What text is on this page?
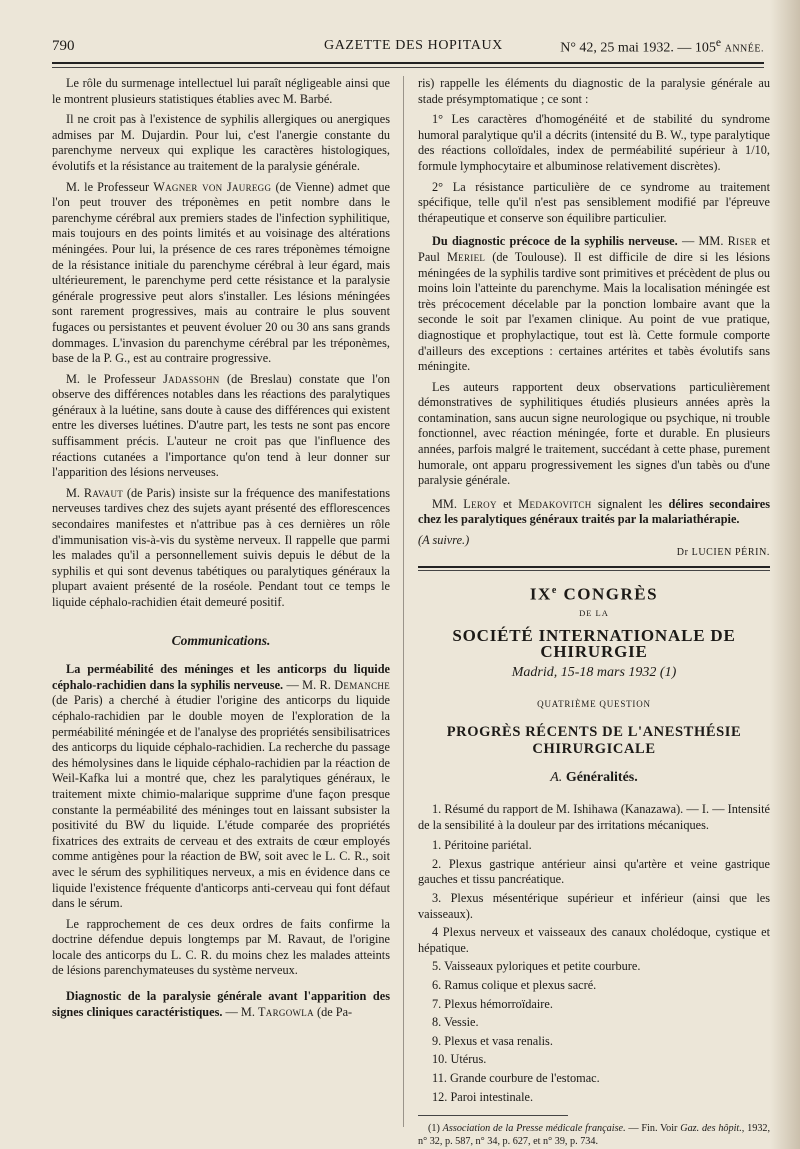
790	GAZETTE DES HOPITAUX	N° 42, 25 mai 1932. — 105e ANNÉE.

Le rôle du surmenage intellectuel lui paraît négligeable ainsi que le montrent plusieurs statistiques établies avec M. Barbé.

Il ne croit pas à l'existence de syphilis allergiques ou anergiques admises par M. Dujardin. Pour lui, c'est l'anergie constante du parenchyme nerveux qui explique les caractères histologiques, évolutifs et la résistance au traitement de la paralysie générale.

M. le Professeur Wagner von Jauregg (de Vienne) admet que l'on peut trouver des tréponèmes en petit nombre dans le parenchyme cérébral aux premiers stades de l'infection syphilitique, mais toujours en des points limités et au voisinage des altérations méningées. Pour lui, la présence de ces rares tréponèmes témoigne de la résistance initiale du parenchyme cérébral à leur égard, mais ultérieurement, le parenchyme perd cette résistance et la paralysie générale progressive peut alors s'installer. Les lésions méningées sont rarement progressives, mais au contraire le plus souvent fugaces ou persistantes et peuvent évoluer 20 ou 30 ans sans grands dommages. L'invasion du parenchyme cérébral par les tréponèmes, base de la P. G., est au contraire progressive.

M. le Professeur Jadassohn (de Breslau) constate que l'on observe des différences notables dans les réactions des paralytiques généraux à la luétine, sans doute à cause des différences qui existent entre les diverses luétines. D'autre part, les tests ne sont pas encore suffisamment précis. L'auteur ne croit pas que l'influence des réactions cutanées a l'importance qu'on tend à leur donner sur l'apparition des lésions nerveuses.

M. Ravaut (de Paris) insiste sur la fréquence des manifestations nerveuses tardives chez des sujets ayant présenté des efflorescences secondaires manifestes et n'attribue pas à ces dernières un rôle d'immunisation vis-à-vis du système nerveux. Il rappelle que parmi les malades qu'il a personnellement suivis depuis le début de la syphilis et qui sont devenus tabétiques ou paralytiques généraux la plupart avaient présenté de la roséole. Pendant tout ce temps le liquide céphalo-rachidien était demeuré positif.

Communications.

La perméabilité des méninges et les anticorps du liquide céphalo-rachidien dans la syphilis nerveuse. — M. R. Demanche (de Paris) a cherché à étudier l'origine des anticorps du liquide céphalo-rachidien par le double moyen de l'exploration de la perméabilité méningée et de l'analyse des propriétés sensibilisatrices des anticorps du liquide céphalo-rachidien. La recherche du passage des hémolysines dans le liquide céphalo-rachidien par la réaction de Weil-Kafka lui a montré que, chez les paralytiques généraux, le traitement mixte chimio-malarique supprime d'une façon presque constante la perméabilité des méninges tout en laissant subsister la positivité du BW du liquide. L'étude comparée des propriétés fixatrices des extraits de cerveau et des extraits de cœur employés comme antigènes pour la réaction de BW, soit avec le L. C. R., soit avec le sérum des syphilitiques nerveux, a mis en évidence dans ce liquide l'existence fréquente d'anticorps anti-cerveau qui font défaut dans le sérum.

Le rapprochement de ces deux ordres de faits confirme la doctrine défendue depuis longtemps par M. Ravaut, de l'origine locale des anticorps du L. C. R. du moins chez les malades atteints de lésions parenchymateuses du système nerveux.

Diagnostic de la paralysie générale avant l'apparition des signes cliniques caractéristiques. — M. Targowla (de Pa-

ris) rappelle les éléments du diagnostic de la paralysie générale au stade présymptomatique ; ce sont :

1° Les caractères d'homogénéité et de stabilité du syndrome humoral paralytique qu'il a décrits (intensité du B. W., type paralytique des réactions colloïdales, index de perméabilité supérieur à 1/10, formule lymphocytaire et albuminose relativement discrètes).

2° La résistance particulière de ce syndrome au traitement spécifique, telle qu'il n'est pas sensiblement modifié par l'épreuve thérapeutique et conserve son équilibre particulier.

Du diagnostic précoce de la syphilis nerveuse. — MM. Riser et Paul Meriel (de Toulouse). Il est difficile de dire si les lésions méningées de la syphilis tardive sont primitives et précèdent de plus ou moins loin l'atteinte du parenchyme. Mais la localisation méningée est très précocement décelable par la ponction lombaire avant que la seconde le soit par l'examen clinique. Au point de vue pratique, diagnostique et prophylactique, tout est là. Cette formule comporte d'ailleurs des exceptions : certaines artérites et tabès évolutifs sans méningite.

Les auteurs rapportent deux observations particulièrement démonstratives de syphilitiques étudiés plusieurs années après la contamination, sans aucun signe neurologique ou psychique, ni trouble fonctionnel, avec réaction méningée, forte et durable. En plusieurs années, parfois malgré le traitement, succédant à cette phase, purement humorale, ont apparu progressivement les signes d'un tabès ou d'une paralysie générale.

MM. Leroy et Medakovitch signalent les délires secondaires chez les paralytiques généraux traités par la malariathérapie.

(A suivre.)

Dr LUCIEN PÉRIN.
IXe CONGRÈS
DE LA
SOCIÉTÉ INTERNATIONALE DE CHIRURGIE
Madrid, 15-18 mars 1932 (1)
QUATRIÈME QUESTION
PROGRÈS RÉCENTS DE L'ANESTHÉSIE CHIRURGICALE
A. Généralités.

1. Résumé du rapport de M. Ishihawa (Kanazawa). — I. — Intensité de la sensibilité à la douleur par des irritations mécaniques.

1. Péritoine pariétal.
2. Plexus gastrique antérieur ainsi qu'artère et veine gastrique gauches et tissu pancréatique.
3. Plexus mésentérique supérieur et inférieur (ainsi que les vaisseaux).
4 Plexus nerveux et vaisseaux des canaux cholédoque, cystique et hépatique.
5. Vaisseaux pyloriques et petite courbure.
6. Ramus colique et plexus sacré.
7. Plexus hémorroïdaire.
8. Vessie.
9. Plexus et vasa renalis.
10. Utérus.
11. Grande courbure de l'estomac.
12. Paroi intestinale.
(1) Association de la Presse médicale française. — Fin. Voir Gaz. des hôpit., 1932, n° 32, p. 587, n° 34, p. 627, et n° 39, p. 734.
